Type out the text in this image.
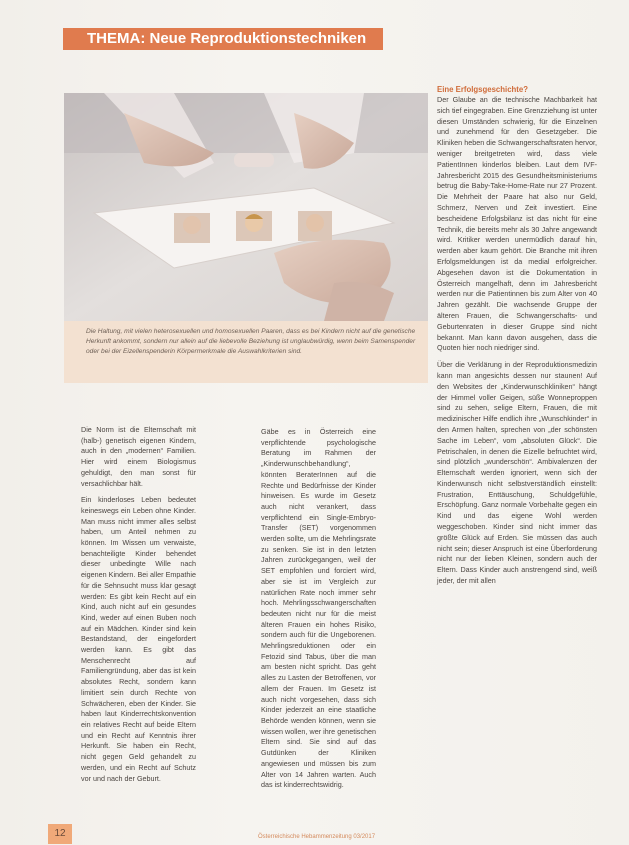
THEMA: Neue Reproduktionstechniken
Die Haltung, mit vielen heterosexuellen und homosexuellen Paaren, dass es bei Kindern nicht auf die genetische Herkunft ankommt, sondern nur allein auf die liebevolle Beziehung ist unglaubwürdig, wenn beim Samenspender oder bei der Eizellenspenderin Körpermerkmale die Auswahlkriterien sind.

Die Norm ist die Elternschaft mit (halb-) genetisch eigenen Kindern, auch in den „modernen“ Familien. Hier wird einem Biologismus gehuldigt, den man sonst für versachlichbar hält.

Ein kinderloses Leben bedeutet keineswegs ein Leben ohne Kinder. Man muss nicht immer alles selbst haben, um Anteil nehmen zu können. Im Wissen um verwaiste, benachteiligte Kinder behendet dieser unbedingte Wille nach eigenen Kindern. Bei aller Empathie für die Sehnsucht muss klar gesagt werden: Es gibt kein Recht auf ein Kind, auch nicht auf ein gesundes Kind, weder auf einen Buben noch auf ein Mädchen. Kinder sind kein Bestandstand, der eingefordert werden kann. Es gibt das Menschenrecht auf Familiengründung, aber das ist kein absolutes Recht, sondern kann limitiert sein durch Rechte von Schwächeren, eben der Kinder. Sie haben laut Kinderrechtskonvention ein relatives Recht auf beide Eltern und ein Recht auf Kenntnis ihrer Herkunft. Sie haben ein Recht, nicht gegen Geld gehandelt zu werden, und ein Recht auf Schutz vor und nach der Geburt.

Gäbe es in Österreich eine verpflichtende psychologische Beratung im Rahmen der „Kinderwunschbehandlung“, könnten BeraterInnen auf die Rechte und Bedürfnisse der Kinder hinweisen. Es wurde im Gesetz auch nicht verankert, dass verpflichtend ein Single-Embryo-Transfer (SET) vorgenommen werden sollte, um die Mehrlingsrate zu senken. Sie ist in den letzten Jahren zurückgegangen, weil der SET empfohlen und forciert wird, aber sie ist im Vergleich zur natürlichen Rate noch immer sehr hoch. Mehrlingsschwangerschaften bedeuten nicht nur für die meist älteren Frauen ein hohes Risiko, sondern auch für die Ungeborenen. Mehrlingsreduktionen oder ein Fetozid sind Tabus, über die man am besten nicht spricht. Das geht alles zu Lasten der Betroffenen, vor allem der Frauen. Im Gesetz ist auch nicht vorgesehen, dass sich Kinder jederzeit an eine staatliche Behörde wenden können, wenn sie wissen wollen, wer ihre genetischen Eltern sind. Sie sind auf das Gutdünken der Kliniken angewiesen und müssen bis zum Alter von 14 Jahren warten. Auch das ist kinderrechtswidrig.

Eine Erfolgsgeschichte?

Der Glaube an die technische Machbarkeit hat sich tief eingegraben. Eine Grenzziehung ist unter diesen Umständen schwierig, für die Einzelnen und zunehmend für den Gesetzgeber. Die Kliniken heben die Schwangerschaftsraten hervor, weniger breitgetreten wird, dass viele PatientInnen kinderlos bleiben. Laut dem IVF-Jahresbericht 2015 des Gesundheitsministeriums betrug die Baby-Take-Home-Rate nur 27 Prozent. Die Mehrheit der Paare hat also nur Geld, Schmerz, Nerven und Zeit investiert. Eine bescheidene Erfolgsbilanz ist das nicht für eine Technik, die bereits mehr als 30 Jahre angewandt wird. Kritiker werden unermüdlich darauf hin, werden aber kaum gehört. Die Branche mit ihren Erfolgsmeldungen ist da medial erfolgreicher. Abgesehen davon ist die Dokumentation in Österreich mangelhaft, denn im Jahresbericht werden nur die Patientinnen bis zum Alter von 40 Jahren gezählt. Die wachsende Gruppe der älteren Frauen, die Schwangerschafts- und Geburtenraten in dieser Gruppe sind nicht bekannt. Man kann davon ausgehen, dass die Quoten hier noch niedriger sind.

Über die Verklärung in der Reproduktionsmedizin kann man angesichts dessen nur staunen! Auf den Websites der „Kinderwunschkliniken“ hängt der Himmel voller Geigen, süße Wonneproppen sind zu sehen, selige Eltern, Frauen, die mit medizinischer Hilfe endlich ihre „Wunschkinder“ in den Armen halten, sprechen von „der schönsten Sache im Leben“, vom „absoluten Glück“. Die Petrischalen, in denen die Eizelle befruchtet wird, sind plötzlich „wunderschön“. Ambivalenzen der Elternschaft werden ignoriert, wenn sich der Kinderwunsch nicht selbstverständlich einstellt: Frustration, Enttäuschung, Schuldgefühle, Erschöpfung. Ganz normale Vorbehalte gegen ein Kind und das eigene Wohl werden weggeschoben. Kinder sind nicht immer das größte Glück auf Erden. Sie müssen das auch nicht sein; dieser Anspruch ist eine Überforderung nicht nur der lieben Kleinen, sondern auch der Eltern. Dass Kinder auch anstrengend sind, weiß jeder, der mit allen

12	Österreichische Hebammenzeitung 03/2017
